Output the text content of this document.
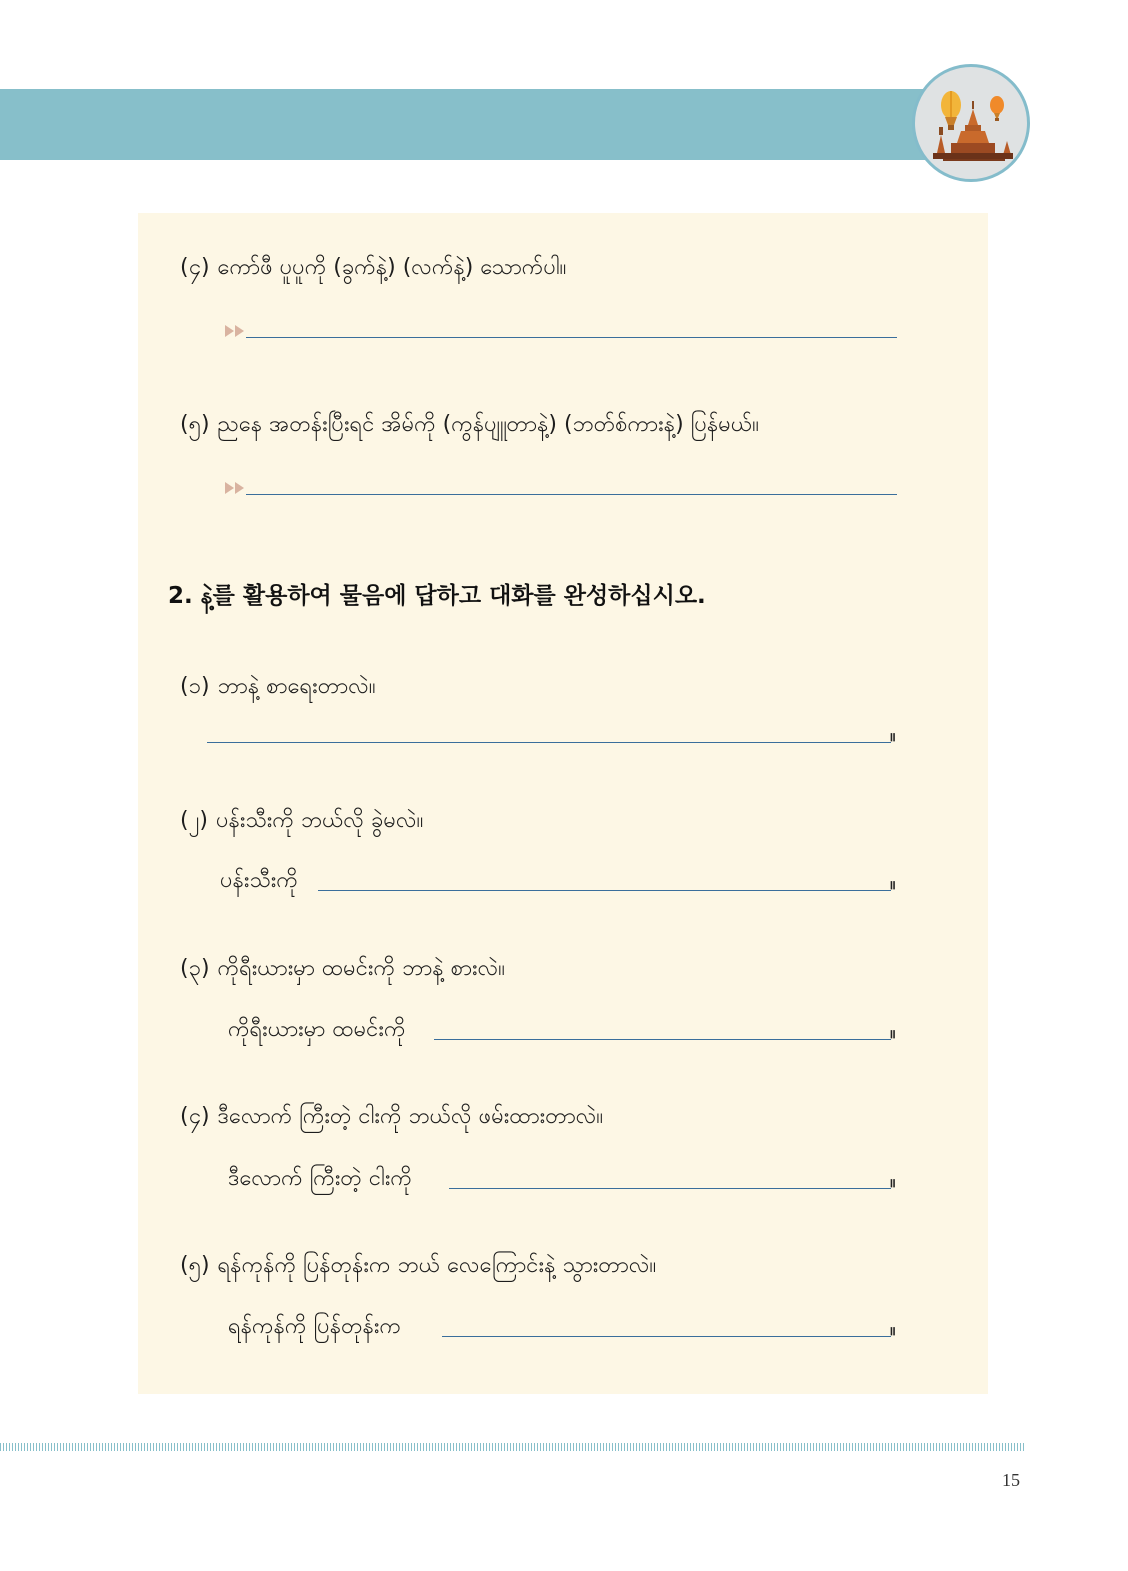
(၄) ကော်ဖီ ပူပူကို (ခွက်နဲ့) (လက်နဲ့) သောက်ပါ။
(၅) ညနေ အတန်းပြီးရင် အိမ်ကို (ကွန်ပျူတာနဲ့) (ဘတ်စ်ကားနဲ့) ပြန်မယ်။
2. နဲ့를 활용하여 물음에 답하고 대화를 완성하십시오.
(၁) ဘာနဲ့ စာရေးတာလဲ။
။
(၂) ပန်းသီးကို ဘယ်လို ခွဲမလဲ။
ပန်းသီးကို	။
(၃) ကိုရီးယားမှာ ထမင်းကို ဘာနဲ့ စားလဲ။
ကိုရီးယားမှာ ထမင်းကို	။
(၄) ဒီလောက် ကြီးတဲ့ ငါးကို ဘယ်လို ဖမ်းထားတာလဲ။
ဒီလောက် ကြီးတဲ့ ငါးကို	။
(၅) ရန်ကုန်ကို ပြန်တုန်းက ဘယ် လေကြောင်းနဲ့ သွားတာလဲ။
ရန်ကုန်ကို ပြန်တုန်းက	။
15
